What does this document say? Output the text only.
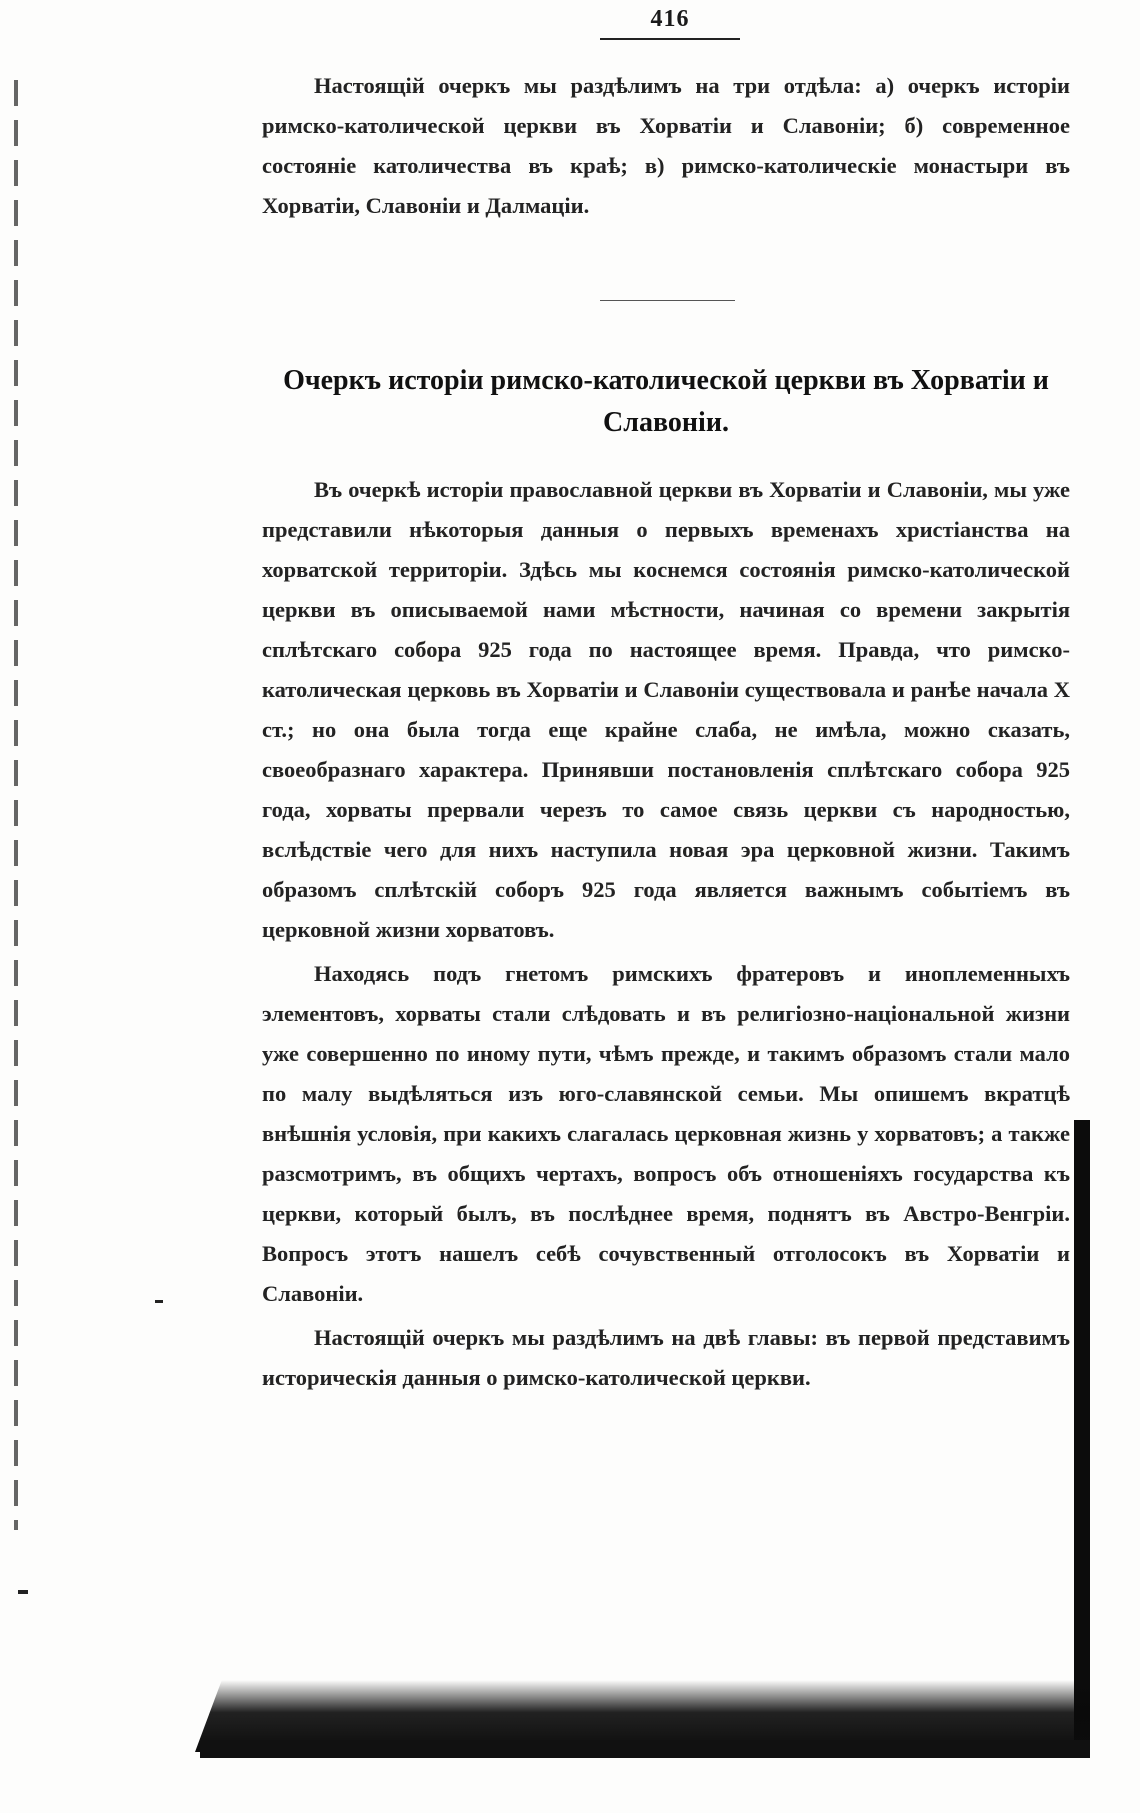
416

Настоящій очеркъ мы раздѣлимъ на три отдѣла: а) очеркъ исторіи римско-католической церкви въ Хорватіи и Славоніи; б) современное состояніе католичества въ краѣ; в) римско-католическіе монастыри въ Хорватіи, Славоніи и Далмаціи.

Очеркъ исторіи римско-католической церкви въ Хорватіи и Славоніи.

Въ очеркѣ исторіи православной церкви въ Хорватіи и Славоніи, мы уже представили нѣкоторыя данныя о первыхъ временахъ христіанства на хорватской территоріи. Здѣсь мы коснемся состоянія римско-католической церкви въ описываемой нами мѣстности, начиная со времени закрытія сплѣтскаго собора 925 года по настоящее время. Правда, что римско-католическая церковь въ Хорватіи и Славоніи существовала и ранѣе начала X ст.; но она была тогда еще крайне слаба, не имѣла, можно сказать, своеобразнаго характера. Принявши постановленія сплѣтскаго собора 925 года, хорваты прервали черезъ то самое связь церкви съ народностью, вслѣдствіе чего для нихъ наступила новая эра церковной жизни. Такимъ образомъ сплѣтскій соборъ 925 года является важнымъ событіемъ въ церковной жизни хорватовъ.

Находясь подъ гнетомъ римскихъ фратеровъ и иноплеменныхъ элементовъ, хорваты стали слѣдовать и въ религіозно-національной жизни уже совершенно по иному пути, чѣмъ прежде, и такимъ образомъ стали мало по малу выдѣляться изъ юго-славянской семьи. Мы опишемъ вкратцѣ внѣшнія условія, при какихъ слагалась церковная жизнь у хорватовъ; а также разсмотримъ, въ общихъ чертахъ, вопросъ объ отношеніяхъ государства къ церкви, который былъ, въ послѣднее время, поднятъ въ Австро-Венгріи. Вопросъ этотъ нашелъ себѣ сочувственный отголосокъ въ Хорватіи и Славоніи.

Настоящій очеркъ мы раздѣлимъ на двѣ главы: въ первой представимъ историческія данныя о римско-католической церкви.
